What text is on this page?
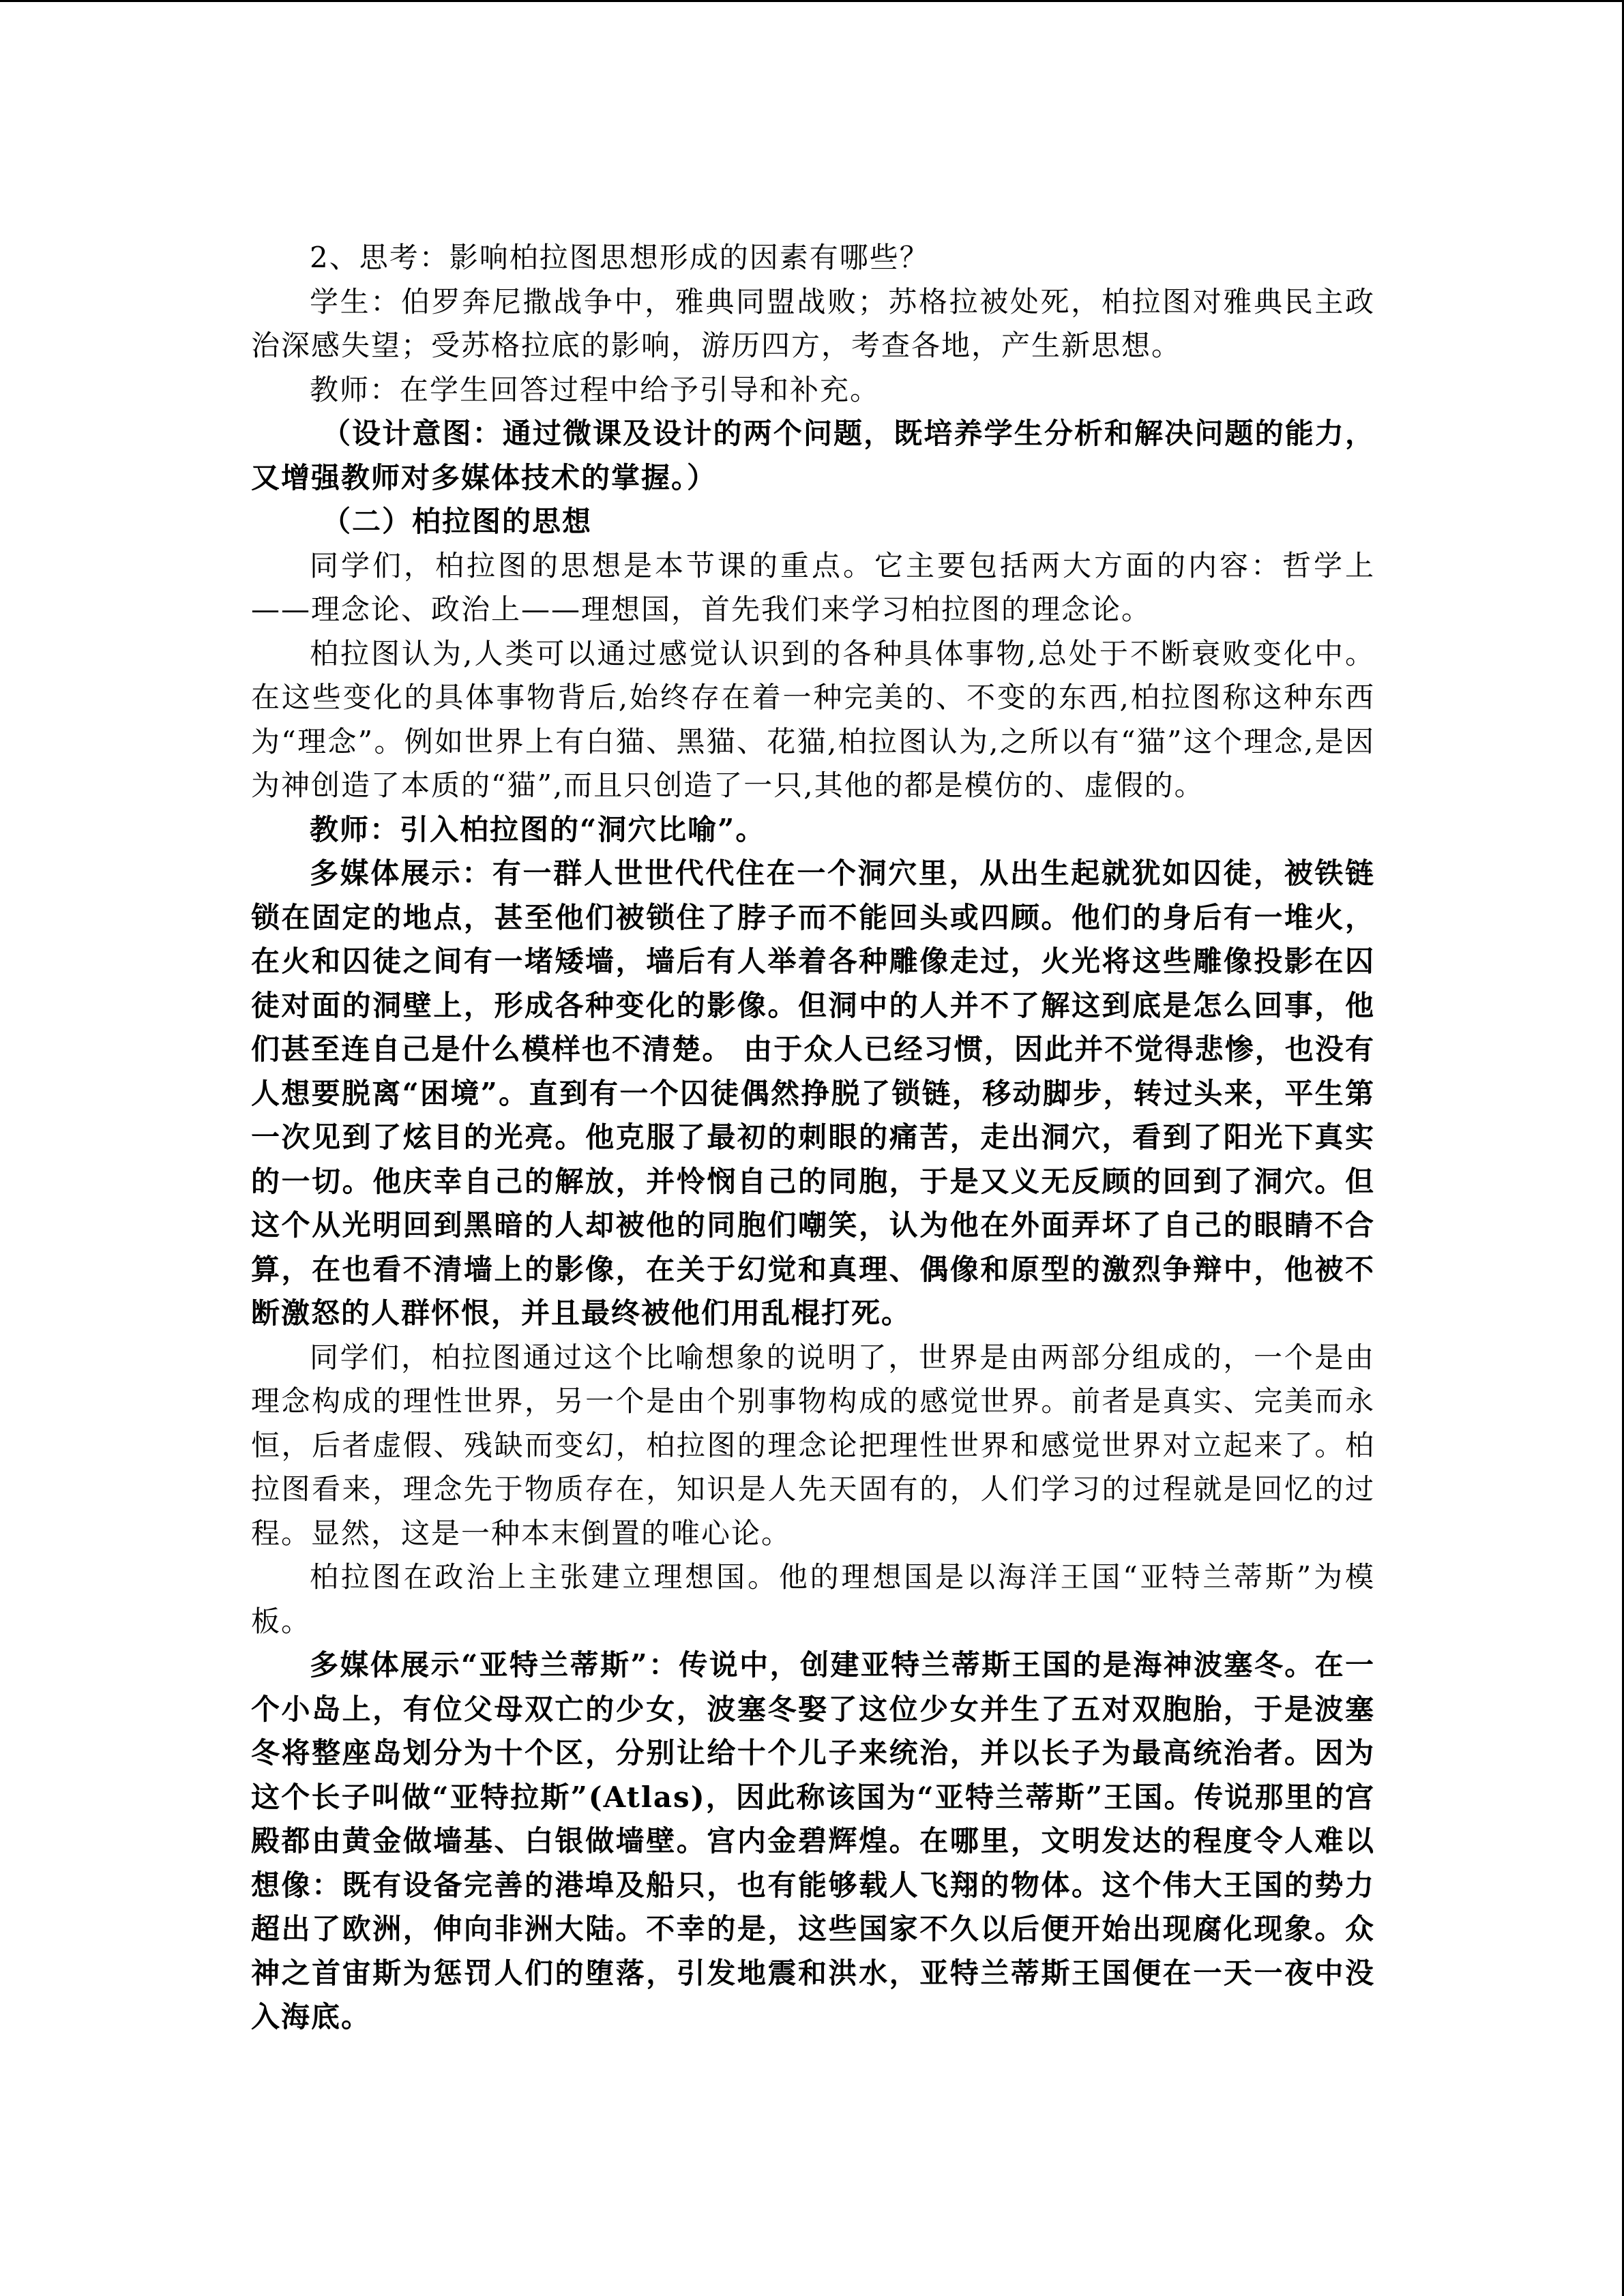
2、思考：影响柏拉图思想形成的因素有哪些？

学生：伯罗奔尼撒战争中，雅典同盟战败；苏格拉被处死，柏拉图对雅典民主政治深感失望；受苏格拉底的影响，游历四方，考查各地，产生新思想。

教师：在学生回答过程中给予引导和补充。

（设计意图：通过微课及设计的两个问题，既培养学生分析和解决问题的能力，又增强教师对多媒体技术的掌握。）

（二）柏拉图的思想

同学们，柏拉图的思想是本节课的重点。它主要包括两大方面的内容：哲学上——理念论、政治上——理想国，首先我们来学习柏拉图的理念论。

柏拉图认为,人类可以通过感觉认识到的各种具体事物,总处于不断衰败变化中。在这些变化的具体事物背后,始终存在着一种完美的、不变的东西,柏拉图称这种东西为“理念”。例如世界上有白猫、黑猫、花猫,柏拉图认为,之所以有“猫”这个理念,是因为神创造了本质的“猫”,而且只创造了一只,其他的都是模仿的、虚假的。

教师：引入柏拉图的“洞穴比喻”。

多媒体展示：有一群人世世代代住在一个洞穴里，从出生起就犹如囚徒，被铁链锁在固定的地点，甚至他们被锁住了脖子而不能回头或四顾。他们的身后有一堆火，在火和囚徒之间有一堵矮墙，墙后有人举着各种雕像走过，火光将这些雕像投影在囚徒对面的洞壁上，形成各种变化的影像。但洞中的人并不了解这到底是怎么回事，他们甚至连自己是什么模样也不清楚。 由于众人已经习惯，因此并不觉得悲惨，也没有人想要脱离“困境”。直到有一个囚徒偶然挣脱了锁链，移动脚步，转过头来，平生第一次见到了炫目的光亮。他克服了最初的刺眼的痛苦，走出洞穴，看到了阳光下真实的一切。他庆幸自己的解放，并怜悯自己的同胞，于是又义无反顾的回到了洞穴。但这个从光明回到黑暗的人却被他的同胞们嘲笑，认为他在外面弄坏了自己的眼睛不合算，在也看不清墙上的影像，在关于幻觉和真理、偶像和原型的激烈争辩中，他被不断激怒的人群怀恨，并且最终被他们用乱棍打死。

同学们，柏拉图通过这个比喻想象的说明了，世界是由两部分组成的，一个是由理念构成的理性世界，另一个是由个别事物构成的感觉世界。前者是真实、完美而永恒，后者虚假、残缺而变幻，柏拉图的理念论把理性世界和感觉世界对立起来了。柏拉图看来，理念先于物质存在，知识是人先天固有的，人们学习的过程就是回忆的过程。显然，这是一种本末倒置的唯心论。

柏拉图在政治上主张建立理想国。他的理想国是以海洋王国“亚特兰蒂斯”为模板。

多媒体展示“亚特兰蒂斯”：传说中，创建亚特兰蒂斯王国的是海神波塞冬。在一个小岛上，有位父母双亡的少女，波塞冬娶了这位少女并生了五对双胞胎，于是波塞冬将整座岛划分为十个区，分别让给十个儿子来统治，并以长子为最高统治者。因为这个长子叫做“亚特拉斯”(Atlas)，因此称该国为“亚特兰蒂斯”王国。传说那里的宫殿都由黄金做墙基、白银做墙壁。宫内金碧辉煌。在哪里，文明发达的程度令人难以想像：既有设备完善的港埠及船只，也有能够载人飞翔的物体。这个伟大王国的势力超出了欧洲，伸向非洲大陆。不幸的是，这些国家不久以后便开始出现腐化现象。众神之首宙斯为惩罚人们的堕落，引发地震和洪水，亚特兰蒂斯王国便在一天一夜中没入海底。
